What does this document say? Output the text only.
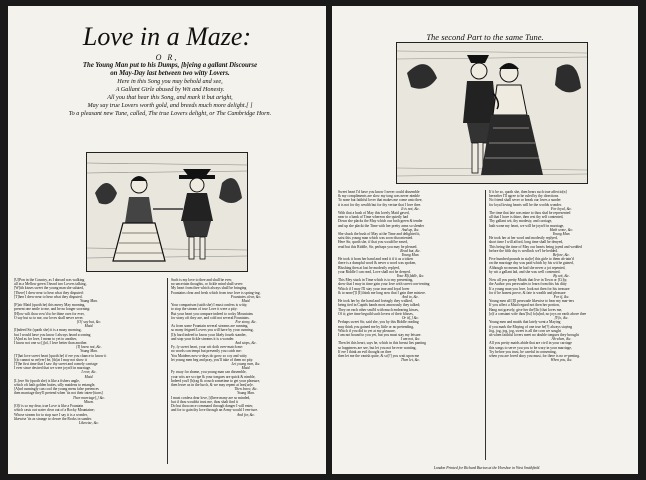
Love in a Maze:
O R,
The Young Man put to his Dumps, [b]eing a gallant Discourse
on May-Day last between two witty Lovers.
Here in this Song you may behold and see,
A Gallant Girle abused by Wit and Honesty.
All you that hear this Song, and mark it but aright,
May say true Lovers worth gold, and breeds much more delight.[ ]
To a pleasant new Tune, called, The true Lovers delight, or The Cambridge Horn.

[U]Pon in the Country, as I abroad was walking

all in a Mellow green I heard two Lovers talking,

[W]ith kisses sweet the young man she saluted,

[There] I drew near to hear what they disputed:

[T]hen I drew near to hear what they disputed.

Young Man.

[F]air Maid (quoth he) this merry May morning,

present one smile to me, and be no longer scorning:

[H]ow wilt thou vow'd to be thine own for ever,

O say but so to me, our loves shall never sever.

[O] say but, &c.

Maid.

[I]ndeed Sir (quoth she) it is a mazy morning,

but I would have you know I always heard scorning

[A]nd as for love, I mean to yet to another,

I know not one so [j]ol, I love better than another.

[I] know not, &c.

Young Man.

[T]hat love sweet heart [quoth he] if ere you chance to know it

[t]o cannot so ne[ver] be, [th]at I may not show it

[T]he first time that I saw thy sweet and comely carriage

I ever since desired that we were joyn'd in marriage.

I ever, &c.

Maid.

[L]ove Sir (quoth she) is like a fishers angle,

which oft hath golden baites, silly maidens to entangle,

[A]nd cunningly can cool the young mens false pretences

then marriage they'll pretend when 'tis not their inten-[tions]

Then marriage[,] &c.

Mison.

[O]f is so my dear, true Love is like a Fountain

which casts out water clear out of a Rocky Mountaine;

Whose stream for to stop sure I say it is a wonder,

likewise 'tis as strange to cleave the Rocks in sunder.

Likewise, &c.

Such is my love to thee and shall be ever,

no uncertain thoughts, or fickle mind shall sever:

My heart from thee which always shall be bringing

Fountains clear and fresh which from true love is spring-ing.

Fountains clear, &c.

Maid.

Your comparison (saith she) I must confess is witty,

to stop the stream of true Love it were a pity:

But your heart you compare indeed to rocky Mountains

for stony oft they are, and cold not several Fountains.

For stony, &c.

As from some Fountain several streams are running,

so many feigned Lovers you will have by your cunning,

[I]s hard indeed to know your likely fourth stander,

and stop your fickle streams it is a wonder.

And stops, &c.

Fy, fy sweet heart, your wit doth over-match me:

no words can tempt but presently you catch me:

You Maidens now-a-days do grow so coy and witty

let young men beg and pray, you'll take of them no pity.

Let young men, &c.

Maid.

Fy away for shame, you young man can dissemble,

your wits are so ripe & your tongues are quick & nimble,

Indeed you'l [b]rag & crouch sometime to get your pleasure,

then leave us in the lurch, & we may repent at leas[ur]e.

Then leave, &c.

Young Man.

I must confess dear love, [t]here many are so minded,

but if thou wouldst trust me, thou shalt find it

Do but thou once command through danger I will enter,

and for to gain thy love through an Army would I ven-ture.

And for, &c.

The second Part to the same Tune.

Sweet heart I'd have you know I never could dissemble

& my compliments are slow my tong was never nimble

To none but faithful lover that makes me come unto thee,

it is not for thy wealth but for thy vertue that I love thee.

It is not, &c.

With that a bush of May this lovely Maid gaved,

near to a bank of Time whereon she quietly had

Down she placks the May which our both green & tender

and up she plackt the Time with her pretty arms so slender

And up, &c.

She shuck the bush of May at the Time and delighted it,

saist this young man which was soon discontented.

Here Sir, quoth she, if that you would be eased,

read but this Riddle, Sir, perhaps you may be pleased.

Read but, &c.

Young Man.

He took it from her hand and read it if it as a token

there is a dumpful word & never a word was spoken,

Blushing then at last he modestly replyed,

your Riddle I can read, Love shall not be denyed.

Your R[i]ddle, &c.

This Mey stuck in Time which is to my presenting,

shew that I may in time gain your love with sweet con-tenting

Which if I may I'll stay your true and loyal lover

& to none[']l [I] think me long now that I gain thee mistere.

And to, &c.

He took her by the hand and lovingly they walked,

being tied in Cupids bands most amorously they talked;

They on each other smil'd with much endearing kisses,

Of it; give time beguild such lovers of their blisses,

Or it[,] &c.

Perhaps sweet Sir, said she, you by this Riddle reading

may think you gained me by little or no pretending,

Which if you did to yet at my pleasure,

I am not bound to you yet, but you must stay my leisure.

I am not, &c.

Then let this heart, says he, which in this breast lies panting

so happiness are see, but let you not be ever wanting,

If ere I think an evil thought on thee

then let me the vanish quite, & so[?] you wait upon me

Then let, &c.

If it be so, quoth she, then hears such true affectio[n]

hereafter I'll agree to be ruled by thy directions

No friend shall sever or break our loves a sunder

for loyal loving hearts will be the worlds wonder.

For loyal, &c.

The time that late was mine to thou shal be represented

all that I have is thine, then rest thy self contented,

Thy gallant wit, thy modesty, and carriage,

hath wone my heart, we will be joyn'd in marriage,

Hath wone, &c.

Young Man.

He took her at her word and modestly replyed,

short time I will afford, long time shall be denyed,

This being the time of May our hearts being joynd and wedded

before the fifth day is wedlock we'l be bedded.

Before, &c.

Five hundred pounds in sta[te] this girle to them ab-tain'd

on the marriage day was paid which by his wit he gained,

Although no means he had she never a jot repented,

by wit a gallant lad, and she was well contented.

By wit, &c.

Now all you pretty Maids that live in Town or [Ci]ty,

the Author you perswades to learn from this his ditty

If a young man you love, look not then for his treasure

for if he honest prove, & fate is wealth and pleasure

For if, &c.

Young men all [I]l perswade likewise to bear my mar-ters

If you affect a Maid regard not then her portion,

Hang not gravely, give her the'[llo] that loves me,

[o]f a constant wife thou'[lst] fo[u]nd, no joys on earth above thee

[Y]o, &c.

Young men and maids that lately went a Maying

if you mark the Maying of one true be[?] always staying

Jog, jog, jog, jog, sweet is all the corn we sought

ah when faithful lovers meet no double tongues they brought

Ah when, &c.

All you pretty maids abide that are civil in your carriage

this songs to serve you you to be wary in your marriage,

Try before you trust, be careful in consenting,

when you are loved aboy you must, for there is no re-penting.

When you, &c.

London Printed for Richard Burton at the Horshoe in West Smithfield.
